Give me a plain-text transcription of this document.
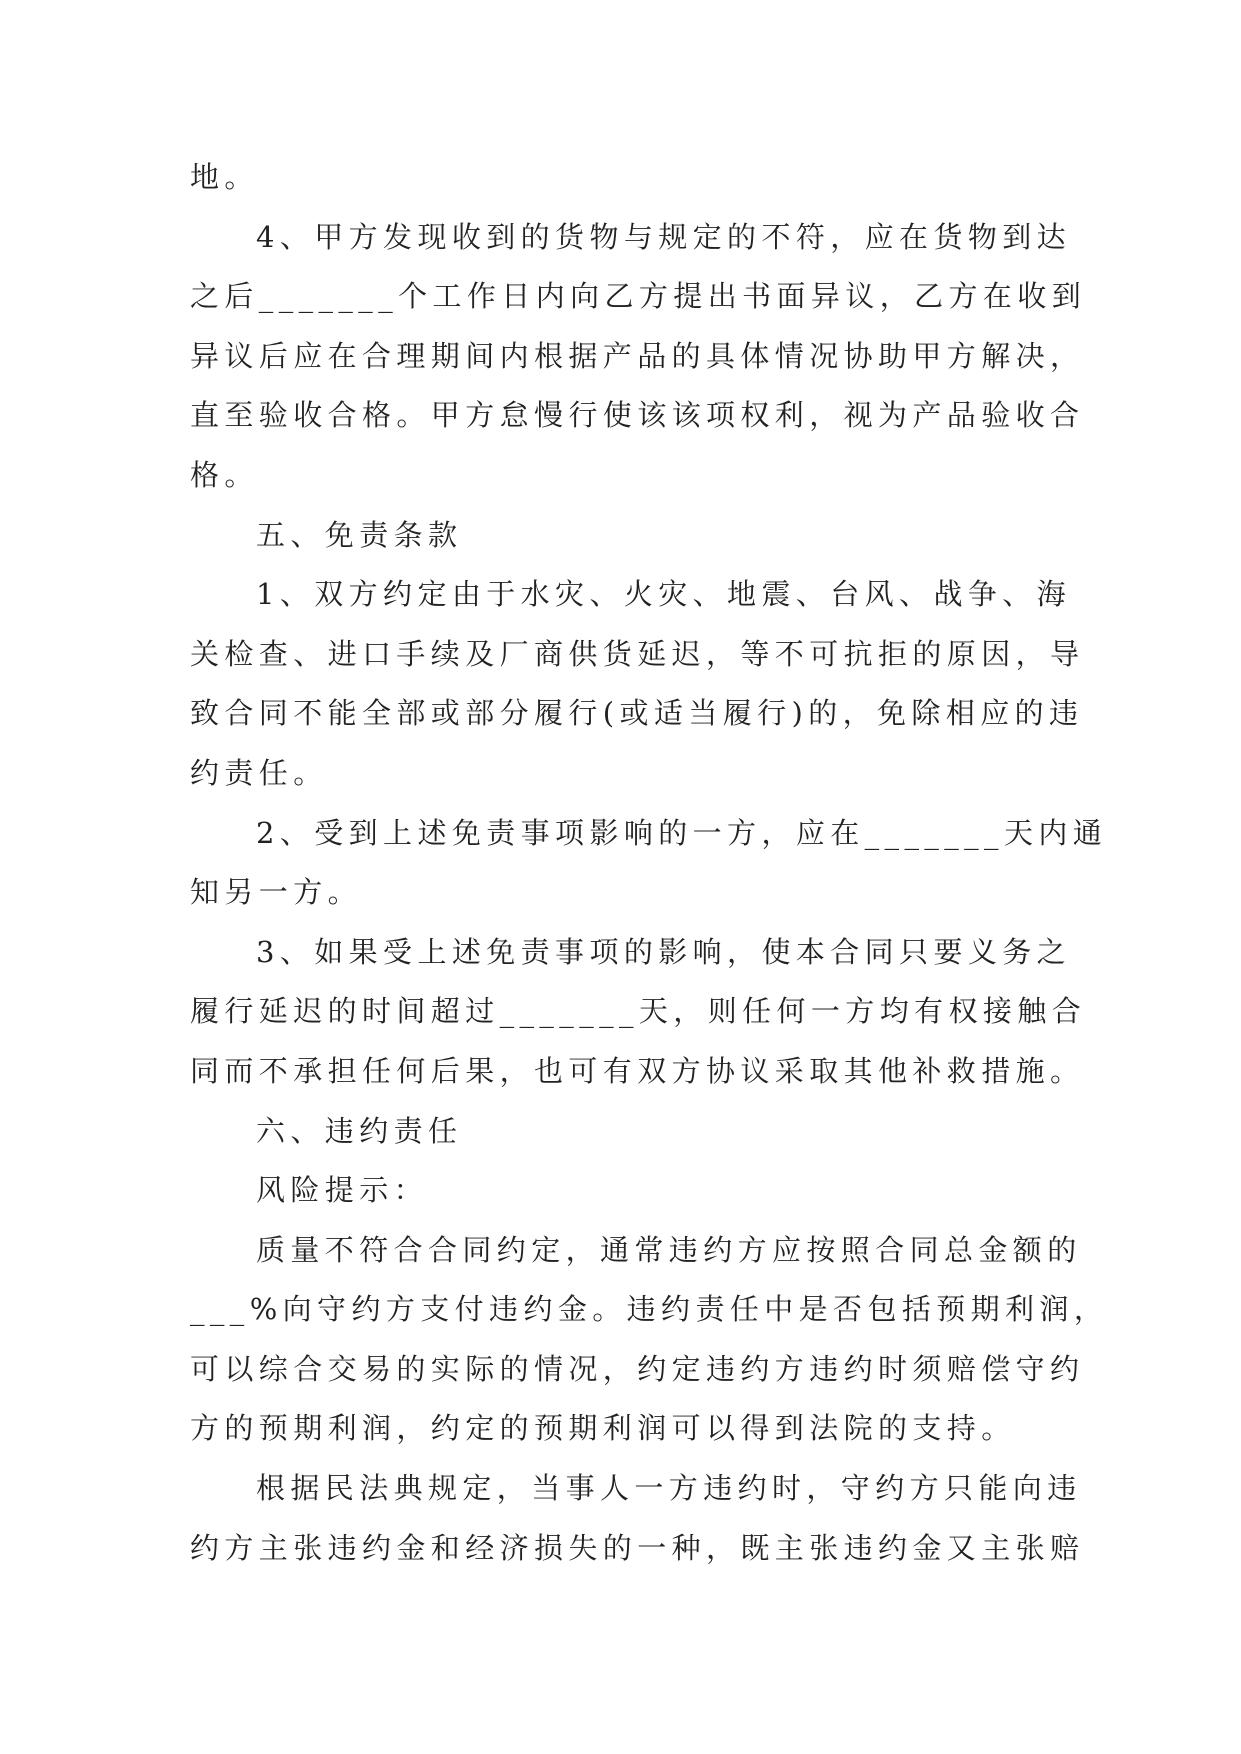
地。
4、甲方发现收到的货物与规定的不符，应在货物到达
之后_______个工作日内向乙方提出书面异议，乙方在收到
异议后应在合理期间内根据产品的具体情况协助甲方解决，
直至验收合格。甲方怠慢行使该该项权利，视为产品验收合
格。
五、免责条款
1、双方约定由于水灾、火灾、地震、台风、战争、海
关检查、进口手续及厂商供货延迟，等不可抗拒的原因，导
致合同不能全部或部分履行(或适当履行)的，免除相应的违
约责任。
2、受到上述免责事项影响的一方，应在_______天内通
知另一方。
3、如果受上述免责事项的影响，使本合同只要义务之
履行延迟的时间超过_______天，则任何一方均有权接触合
同而不承担任何后果，也可有双方协议采取其他补救措施。
六、违约责任
风险提示：
质量不符合合同约定，通常违约方应按照合同总金额的
___%向守约方支付违约金。违约责任中是否包括预期利润，
可以综合交易的实际的情况，约定违约方违约时须赔偿守约
方的预期利润，约定的预期利润可以得到法院的支持。
根据民法典规定，当事人一方违约时，守约方只能向违
约方主张违约金和经济损失的一种，既主张违约金又主张赔
